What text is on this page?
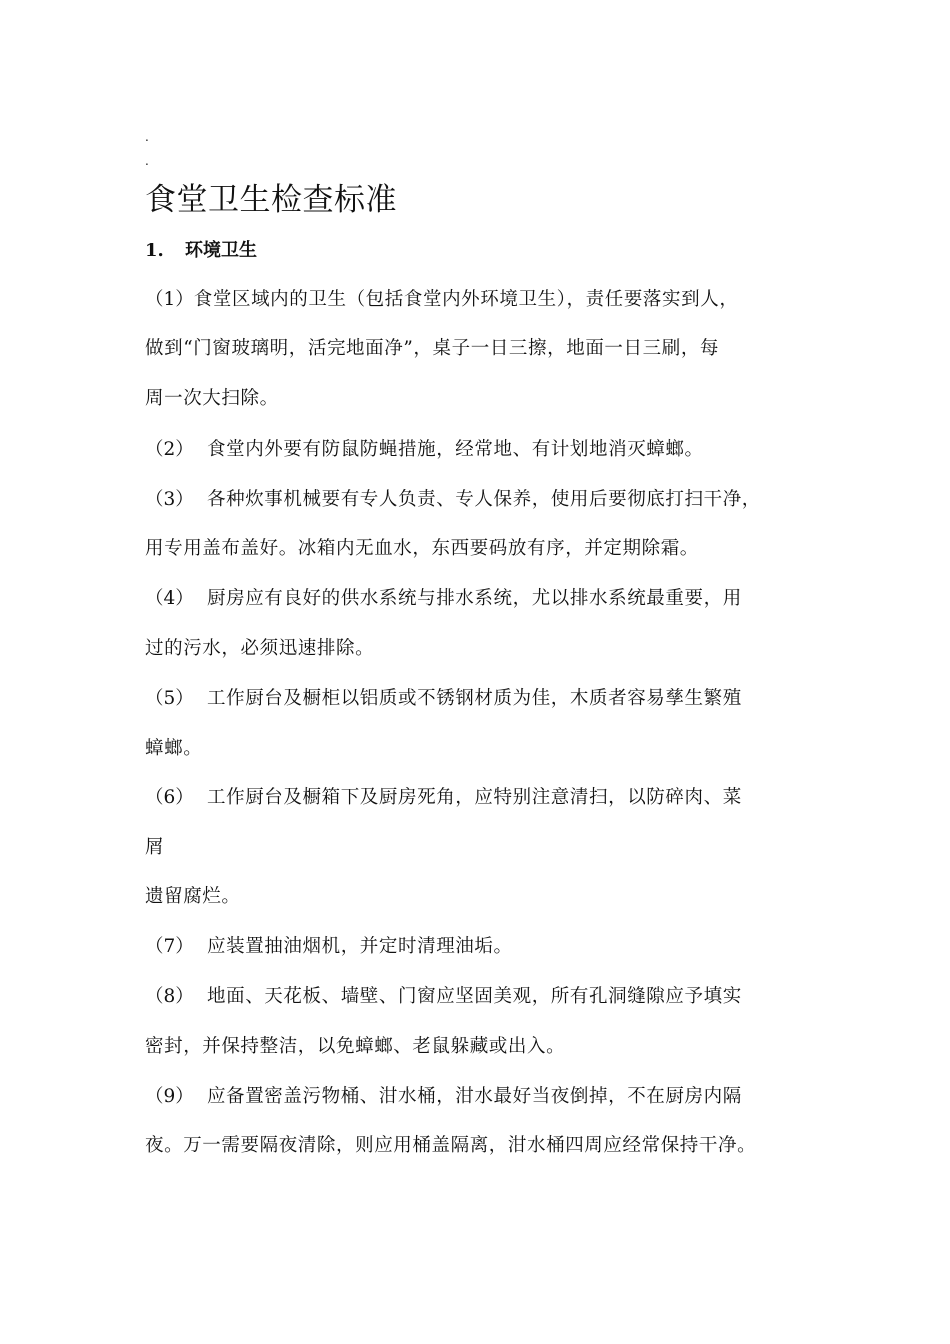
.
.
食堂卫生检查标准
1. 环境卫生
（1）食堂区域内的卫生（包括食堂内外环境卫生），责任要落实到人，
做到“门窗玻璃明，活完地面净”，桌子一日三擦，地面一日三刷，每
周一次大扫除。
（2） 食堂内外要有防鼠防蝇措施，经常地、有计划地消灭蟑螂。
（3） 各种炊事机械要有专人负责、专人保养，使用后要彻底打扫干净，
用专用盖布盖好。冰箱内无血水，东西要码放有序，并定期除霜。
（4） 厨房应有良好的供水系统与排水系统，尤以排水系统最重要，用
过的污水，必须迅速排除。
（5） 工作厨台及橱柜以铝质或不锈钢材质为佳，木质者容易孳生繁殖
蟑螂。
（6） 工作厨台及橱箱下及厨房死角，应特别注意清扫，以防碎肉、菜
屑
遗留腐烂。
（7） 应装置抽油烟机，并定时清理油垢。
（8） 地面、天花板、墙壁、门窗应坚固美观，所有孔洞缝隙应予填实
密封，并保持整洁，以免蟑螂、老鼠躲藏或出入。
（9） 应备置密盖污物桶、泔水桶，泔水最好当夜倒掉，不在厨房内隔
夜。万一需要隔夜清除，则应用桶盖隔离，泔水桶四周应经常保持干净。
